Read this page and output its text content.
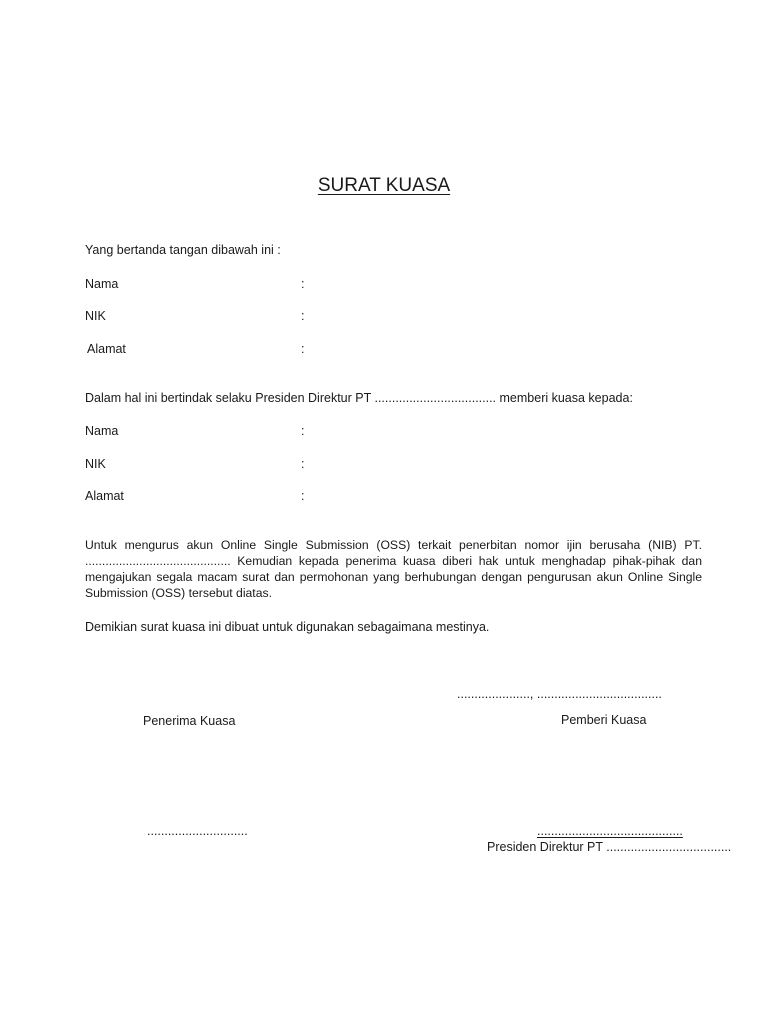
SURAT KUASA
Yang bertanda tangan dibawah ini :
Nama	:
NIK	:
Alamat	:
Dalam hal ini bertindak selaku Presiden Direktur PT ................................... memberi kuasa kepada:
Nama	:
NIK	:
Alamat	:
Untuk mengurus akun Online Single Submission (OSS) terkait penerbitan nomor ijin berusaha (NIB) PT. ........................................... Kemudian kepada penerima kuasa diberi hak untuk menghadap pihak-pihak dan mengajukan segala macam surat dan permohonan yang berhubungan dengan pengurusan akun Online Single Submission (OSS) tersebut diatas.
Demikian surat kuasa ini dibuat untuk digunakan sebagaimana mestinya.
....................., ....................................
Penerima Kuasa	Pemberi Kuasa
.............................	..........................................
Presiden Direktur PT ....................................
